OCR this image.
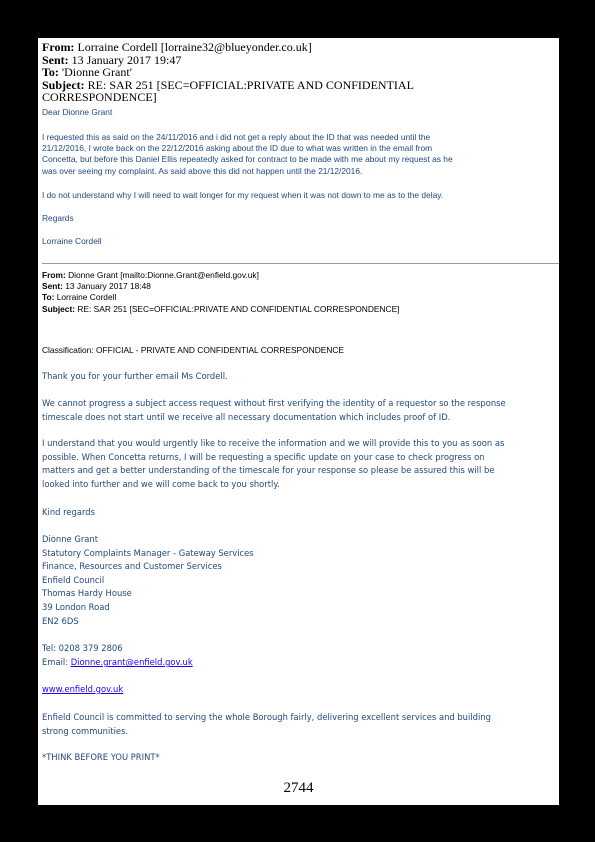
From: Lorraine Cordell [lorraine32@blueyonder.co.uk]
Sent: 13 January 2017 19:47
To: 'Dionne Grant'
Subject: RE: SAR 251 [SEC=OFFICIAL:PRIVATE AND CONFIDENTIAL
CORRESPONDENCE]

Dear Dionne Grant

I requested this as said on the 24/11/2016 and i did not get a reply about the ID that was needed until the
21/12/2016, I wrote back on the 22/12/2016 asking about the ID due to what was written in the email from
Concetta, but before this Daniel Ellis repeatedly asked for contract to be made with me about my request as he
was over seeing my complaint. As said above this did not happen until the 21/12/2016.

I do not understand why I will need to wait longer for my request when it was not down to me as to the delay.

Regards

Lorraine Cordell

From: Dionne Grant [mailto:Dionne.Grant@enfield.gov.uk]
Sent: 13 January 2017 18:48
To: Lorraine Cordell
Subject: RE: SAR 251 [SEC=OFFICIAL:PRIVATE AND CONFIDENTIAL CORRESPONDENCE]

Classification: OFFICIAL - PRIVATE AND CONFIDENTIAL CORRESPONDENCE

Thank you for your further email Ms Cordell.

We cannot progress a subject access request without first verifying the identity of a requestor so the response
timescale does not start until we receive all necessary documentation which includes proof of ID.
I understand that you would urgently like to receive the information and we will provide this to you as soon as
possible. When Concetta returns, I will be requesting a specific update on your case to check progress on
matters and get a better understanding of the timescale for your response so please be assured this will be
looked into further and we will come back to you shortly.

Kind regards

Dionne Grant
Statutory Complaints Manager - Gateway Services
Finance, Resources and Customer Services
Enfield Council
Thomas Hardy House
39 London Road
EN2 6DS

Tel: 0208 379 2806

Email: Dionne.grant@enfield.gov.uk

www.enfield.gov.uk

Enfield Council is committed to serving the whole Borough fairly, delivering excellent services and building
strong communities.

*THINK BEFORE YOU PRINT*

2744
